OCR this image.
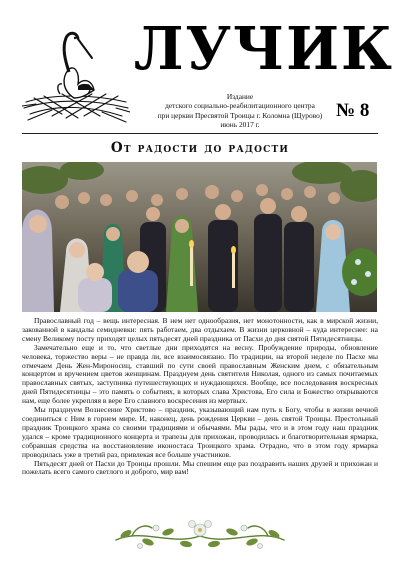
ЛУЧИК
Издание
детского социально-реабилитационного центра
при церкви Пресвятой Троицы г. Коломна (Щурово)
июнь 2017 г.
№ 8
От радости до радости

Православный год – вещь интересная. В нем нет однообразия, нет монотонности, как в мирской жизни, закованной в кандалы семидневки: пять работаем, два отдыхаем. В жизни церковной – куда интереснее: на смену Великому посту приходят целых пятьдесят дней праздника от Пасхи до дня святой Пятидесятницы.

Замечательно еще и то, что светлые дни приходятся на весну. Пробуждение природы, обновление человека, торжество веры – не правда ли, все взаимосвязано. По традиции, на второй неделе по Пасхе мы отмечаем День Жен-Мироносиц, ставший по сути своей православным Женским днем, с обязательным концертом и вручением цветов женщинам. Празднуем день святителя Николая, одного из самых почитаемых православных святых, заступника путешествующих и нуждающихся. Вообще, все последования воскресных дней Пятидесятницы – это память о событиях, в которых слава Христова, Его сила и Божество открываются нам, еще более укрепляя в вере Его славного воскресения из мертвых.

Мы празднуем Вознесение Христово – праздник, указывающий нам путь к Богу, чтобы в жизни вечной соединиться с Ним в горнем мире. И, наконец, день рождения Церкви – день святой Троицы. Престольный праздник Троицкого храма со своими традициями и обычаями. Мы рады, что и в этом году наш праздник удался – кроме традиционного концерта и трапезы для прихожан, проводилась и благотворительная ярмарка, собравшая средства на восстановление иконостаса Троицкого храма. Отрадно, что в этом году ярмарка проводилась уже в третий раз, привлекая все больше участников.

Пятьдесят дней от Пасхи до Троицы прошли. Мы спешим еще раз поздравить наших друзей и прихожан и пожелать всего самого светлого и доброго, мир вам!
